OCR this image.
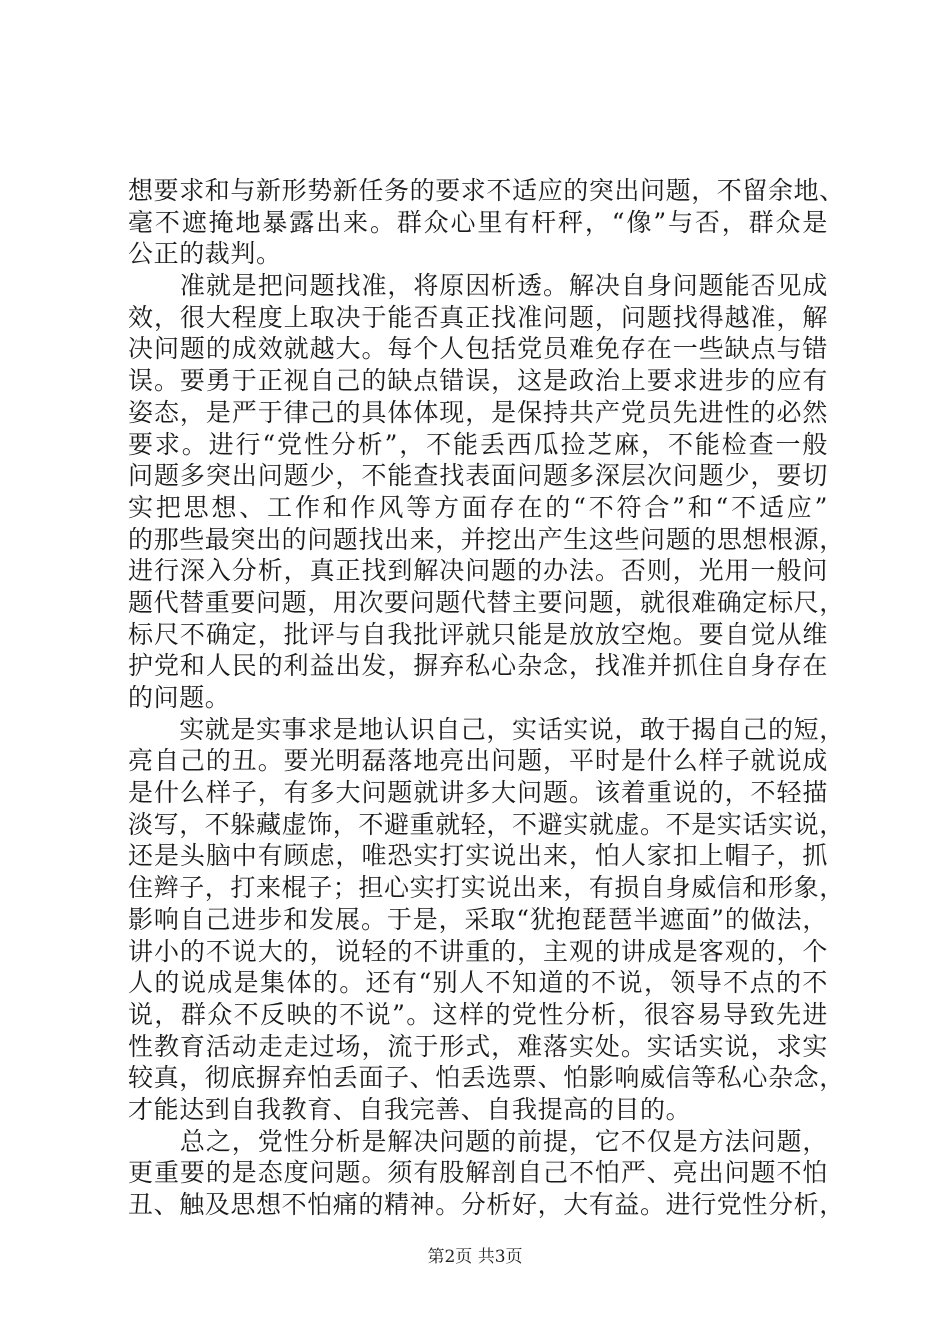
想要求和与新形势新任务的要求不适应的突出问题，不留余地、
毫不遮掩地暴露出来。群众心里有杆秤，“像”与否，群众是
公正的裁判。
　　准就是把问题找准，将原因析透。解决自身问题能否见成
效，很大程度上取决于能否真正找准问题，问题找得越准，解
决问题的成效就越大。每个人包括党员难免存在一些缺点与错
误。要勇于正视自己的缺点错误，这是政治上要求进步的应有
姿态，是严于律己的具体体现，是保持共产党员先进性的必然
要求。进行“党性分析”，不能丢西瓜捡芝麻，不能检查一般
问题多突出问题少，不能查找表面问题多深层次问题少，要切
实把思想、工作和作风等方面存在的“不符合”和“不适应”
的那些最突出的问题找出来，并挖出产生这些问题的思想根源，
进行深入分析，真正找到解决问题的办法。否则，光用一般问
题代替重要问题，用次要问题代替主要问题，就很难确定标尺，
标尺不确定，批评与自我批评就只能是放放空炮。要自觉从维
护党和人民的利益出发，摒弃私心杂念，找准并抓住自身存在
的问题。
　　实就是实事求是地认识自己，实话实说，敢于揭自己的短，
亮自己的丑。要光明磊落地亮出问题，平时是什么样子就说成
是什么样子，有多大问题就讲多大问题。该着重说的，不轻描
淡写，不躲藏虚饰，不避重就轻，不避实就虚。不是实话实说，
还是头脑中有顾虑，唯恐实打实说出来，怕人家扣上帽子，抓
住辫子，打来棍子；担心实打实说出来，有损自身威信和形象，
影响自己进步和发展。于是，采取“犹抱琵琶半遮面”的做法，
讲小的不说大的，说轻的不讲重的，主观的讲成是客观的，个
人的说成是集体的。还有“别人不知道的不说，领导不点的不
说，群众不反映的不说”。这样的党性分析，很容易导致先进
性教育活动走走过场，流于形式，难落实处。实话实说，求实
较真，彻底摒弃怕丢面子、怕丢选票、怕影响威信等私心杂念，
才能达到自我教育、自我完善、自我提高的目的。
　　总之，党性分析是解决问题的前提，它不仅是方法问题，
更重要的是态度问题。须有股解剖自己不怕严、亮出问题不怕
丑、触及思想不怕痛的精神。分析好，大有益。进行党性分析，
第2页 共3页
